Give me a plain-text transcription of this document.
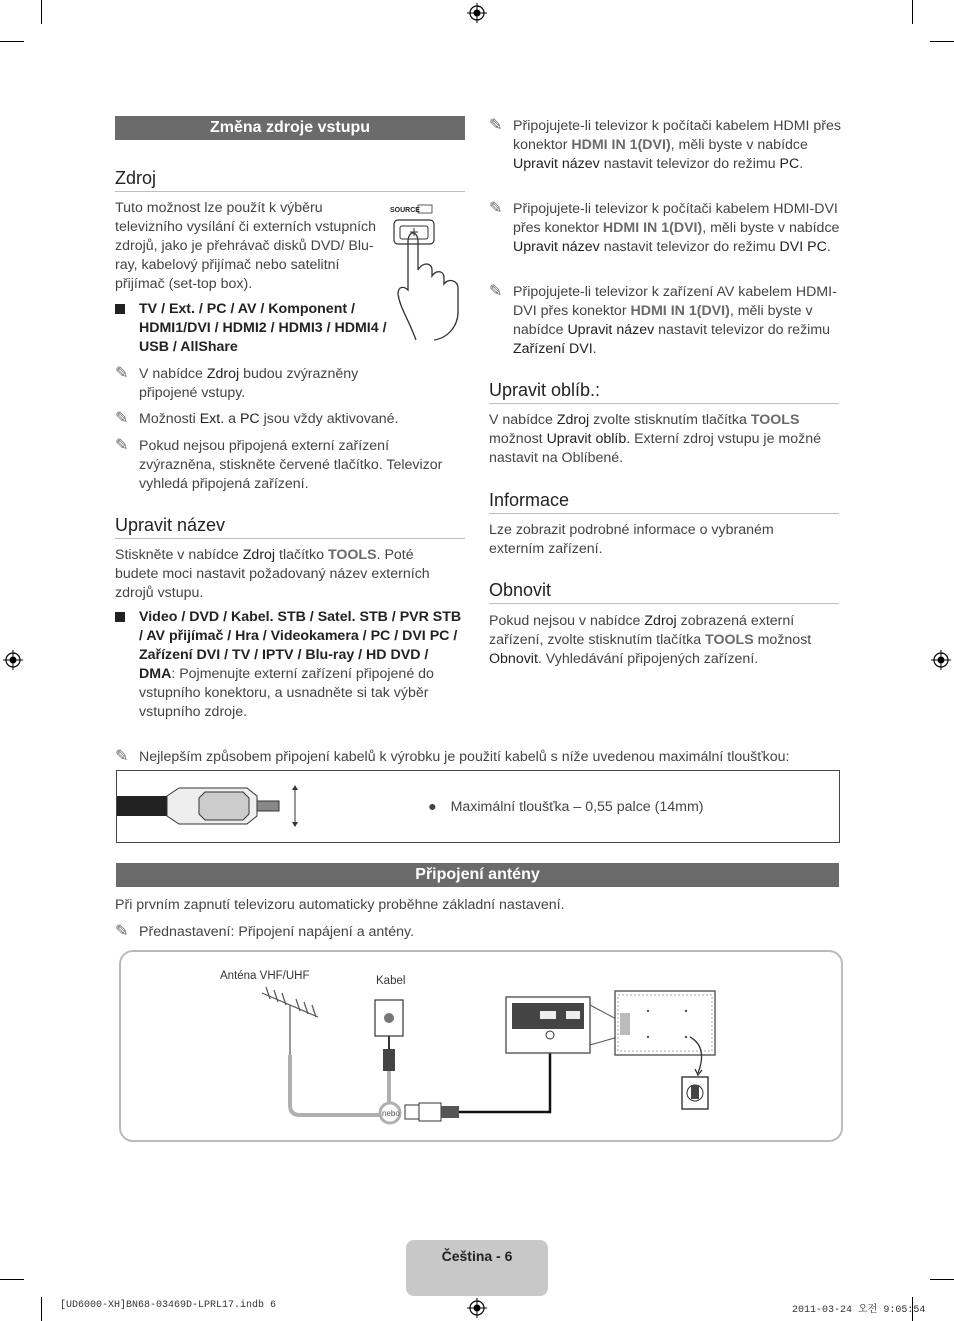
Změna zdroje vstupu
Zdroj
Tuto možnost lze použít k výběru televizního vysílání či externích vstupních zdrojů, jako je přehrávač disků DVD/ Blu-ray, kabelový přijímač nebo satelitní přijímač (set-top box).
SOURCE
TV / Ext. / PC / AV / Komponent / HDMI1/DVI / HDMI2 / HDMI3 / HDMI4 / USB / AllShare
✎ V nabídce Zdroj budou zvýrazněny připojené vstupy.
✎ Možnosti Ext. a PC jsou vždy aktivované.
✎ Pokud nejsou připojená externí zařízení zvýrazněna, stiskněte červené tlačítko. Televizor vyhledá připojená zařízení.
Upravit název
Stiskněte v nabídce Zdroj tlačítko TOOLS. Poté budete moci nastavit požadovaný název externích zdrojů vstupu.
Video / DVD / Kabel. STB / Satel. STB / PVR STB / AV přijímač / Hra / Videokamera / PC / DVI PC / Zařízení DVI / TV / IPTV / Blu-ray / HD DVD / DMA: Pojmenujte externí zařízení připojené do vstupního konektoru, a usnadněte si tak výběr vstupního zdroje.
✎ Připojujete-li televizor k počítači kabelem HDMI přes konektor HDMI IN 1(DVI), měli byste v nabídce Upravit název nastavit televizor do režimu PC.
✎ Připojujete-li televizor k počítači kabelem HDMI-DVI přes konektor HDMI IN 1(DVI), měli byste v nabídce Upravit název nastavit televizor do režimu DVI PC.
✎ Připojujete-li televizor k zařízení AV kabelem HDMI-DVI přes konektor HDMI IN 1(DVI), měli byste v nabídce Upravit název nastavit televizor do režimu Zařízení DVI.
Upravit oblíb.:
V nabídce Zdroj zvolte stisknutím tlačítka TOOLS možnost Upravit oblíb. Externí zdroj vstupu je možné nastavit na Oblíbené.
Informace
Lze zobrazit podrobné informace o vybraném externím zařízení.
Obnovit
Pokud nejsou v nabídce Zdroj zobrazená externí zařízení, zvolte stisknutím tlačítka TOOLS možnost Obnovit. Vyhledávání připojených zařízení.
✎ Nejlepším způsobem připojení kabelů k výrobku je použití kabelů s níže uvedenou maximální tloušťkou:
● Maximální tloušťka – 0,55 palce (14mm)
Připojení antény
Při prvním zapnutí televizoru automaticky proběhne základní nastavení.
✎ Přednastavení: Připojení napájení a antény.
Anténa VHF/UHF	Kabel
nebo
Čeština - 6
[UD6000-XH]BN68-03469D-LPRL17.indb 6	2011-03-24 오전 9:05:54
